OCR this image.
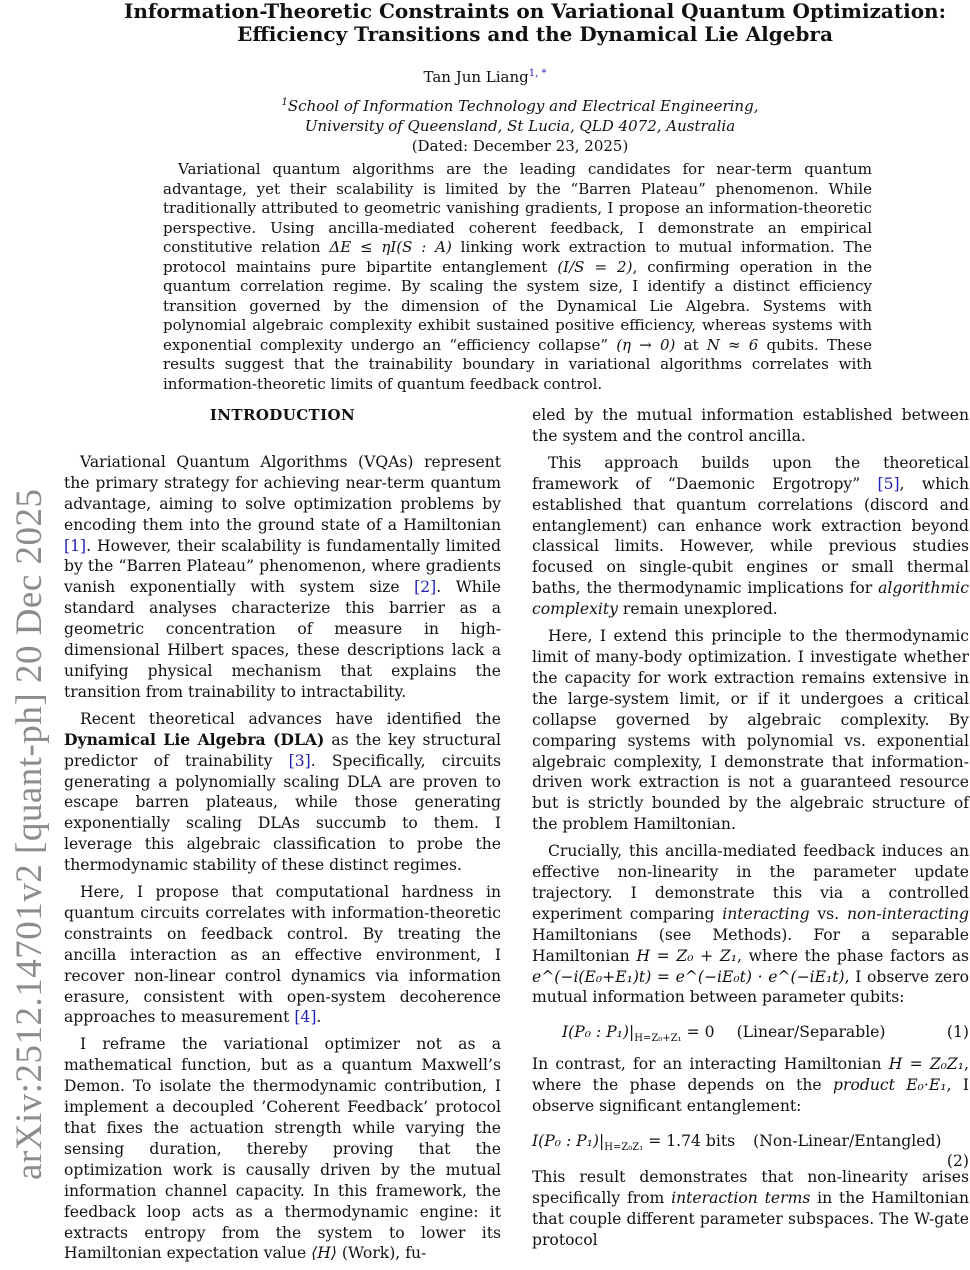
arXiv:2512.14701v2 [quant-ph] 20 Dec 2025
Information-Theoretic Constraints on Variational Quantum Optimization:
Efficiency Transitions and the Dynamical Lie Algebra
Tan Jun Liang$^{1, *}$
$^1$School of Information Technology and Electrical Engineering,
University of Queensland, St Lucia, QLD 4072, Australia
(Dated: December 23, 2025)

Variational quantum algorithms are the leading candidates for near-term quantum advantage, yet their scalability is limited by the “Barren Plateau” phenomenon. While traditionally attributed to geometric vanishing gradients, I propose an information-theoretic perspective. Using ancilla-mediated coherent feedback, I demonstrate an empirical constitutive relation ΔE ≤ ηI(S : A) linking work extraction to mutual information. The protocol maintains pure bipartite entanglement (I/S = 2), confirming operation in the quantum correlation regime. By scaling the system size, I identify a distinct efficiency transition governed by the dimension of the Dynamical Lie Algebra. Systems with polynomial algebraic complexity exhibit sustained positive efficiency, whereas systems with exponential complexity undergo an “efficiency collapse” (η → 0) at N ≈ 6 qubits. These results suggest that the trainability boundary in variational algorithms correlates with information-theoretic limits of quantum feedback control.

INTRODUCTION

Variational Quantum Algorithms (VQAs) represent the primary strategy for achieving near-term quantum advantage, aiming to solve optimization problems by encoding them into the ground state of a Hamiltonian [1]. However, their scalability is fundamentally limited by the “Barren Plateau” phenomenon, where gradients vanish exponentially with system size [2]. While standard analyses characterize this barrier as a geometric concentration of measure in high-dimensional Hilbert spaces, these descriptions lack a unifying physical mechanism that explains the transition from trainability to intractability.

Recent theoretical advances have identified the Dynamical Lie Algebra (DLA) as the key structural predictor of trainability [3]. Specifically, circuits generating a polynomially scaling DLA are proven to escape barren plateaus, while those generating exponentially scaling DLAs succumb to them. I leverage this algebraic classification to probe the thermodynamic stability of these distinct regimes.

Here, I propose that computational hardness in quantum circuits correlates with information-theoretic constraints on feedback control. By treating the ancilla interaction as an effective environment, I recover non-linear control dynamics via information erasure, consistent with open-system decoherence approaches to measurement [4].

I reframe the variational optimizer not as a mathematical function, but as a quantum Maxwell’s Demon. To isolate the thermodynamic contribution, I implement a decoupled ’Coherent Feedback’ protocol that fixes the actuation strength while varying the sensing duration, thereby proving that the optimization work is causally driven by the mutual information channel capacity. In this framework, the feedback loop acts as a thermodynamic engine: it extracts entropy from the system to lower its Hamiltonian expectation value ⟨H⟩ (Work), fu-

eled by the mutual information established between the system and the control ancilla.

This approach builds upon the theoretical framework of “Daemonic Ergotropy” [5], which established that quantum correlations (discord and entanglement) can enhance work extraction beyond classical limits. However, while previous studies focused on single-qubit engines or small thermal baths, the thermodynamic implications for algorithmic complexity remain unexplored.

Here, I extend this principle to the thermodynamic limit of many-body optimization. I investigate whether the capacity for work extraction remains extensive in the large-system limit, or if it undergoes a critical collapse governed by algebraic complexity. By comparing systems with polynomial vs. exponential algebraic complexity, I demonstrate that information-driven work extraction is not a guaranteed resource but is strictly bounded by the algebraic structure of the problem Hamiltonian.

Crucially, this ancilla-mediated feedback induces an effective non-linearity in the parameter update trajectory. I demonstrate this via a controlled experiment comparing interacting vs. non-interacting Hamiltonians (see Methods). For a separable Hamiltonian H = Z₀ + Z₁, where the phase factors as e^(−i(E₀+E₁)t) = e^(−iE₀t) · e^(−iE₁t), I observe zero mutual information between parameter qubits:

I(P₀ : $P_1)|_{H=Z_0+Z_1} = 0$ (Linear/Separable)	(1)

In contrast, for an interacting Hamiltonian H = Z₀Z₁, where the phase depends on the product E₀·E₁, I observe significant entanglement:

I(P₀ : $P_1)|_{H=Z_0Z_1} = 1.74$ bits (Non-Linear/Entangled)
(2)

This result demonstrates that non-linearity arises specifically from interaction terms in the Hamiltonian that couple different parameter subspaces. The W-gate protocol
